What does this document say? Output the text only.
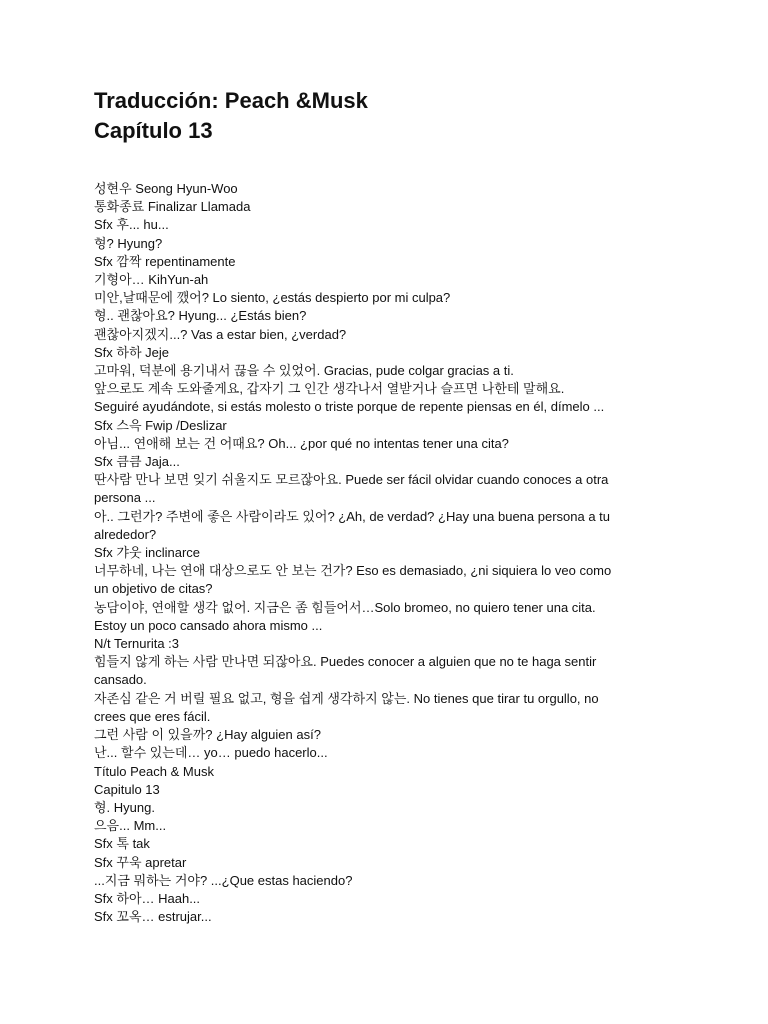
Traducción: Peach &Musk
Capítulo 13
성현우 Seong Hyun-Woo
통화종료 Finalizar Llamada
Sfx 후... hu...
형? Hyung?
Sfx 깜짝 repentinamente
기형아… KihYun-ah
미안,날때문에 깼어? Lo siento, ¿estás despierto por mi culpa?
형.. 괜찮아요? Hyung... ¿Estás bien?
괜찮아지겠지...? Vas a estar bien, ¿verdad?
Sfx 하하 Jeje
고마워, 덕분에 용기내서 끊을 수 있었어. Gracias, pude colgar gracias a ti.
앞으로도 계속 도와줄게요, 갑자기 그 인간 생각나서 열받거나 슬프면 나한테 말해요.
Seguiré ayudándote, si estás molesto o triste porque de repente piensas en él, dímelo ...
Sfx 스윽 Fwip /Deslizar
아님... 연애해 보는 건 어때요? Oh... ¿por qué no intentas tener una cita?
Sfx 큼큼 Jaja...
딴사람 만나 보면 잊기 쉬울지도 모르잖아요. Puede ser fácil olvidar cuando conoces a otra
persona ...
아.. 그런가? 주변에 좋은 사람이라도 있어? ¿Ah, de verdad? ¿Hay una buena persona a tu
alrededor?
Sfx 갸웃 inclinarce
너무하네, 나는 연애 대상으로도 안 보는 건가? Eso es demasiado, ¿ni siquiera lo veo como
un objetivo de citas?
농담이야, 연애할 생각 없어. 지금은 좀 힘들어서…Solo bromeo, no quiero tener una cita.
Estoy un poco cansado ahora mismo ...
N/t Ternurita :3
힘들지 않게 하는 사람 만나면 되잖아요. Puedes conocer a alguien que no te haga sentir
cansado.
자존심 같은 거 버릴 필요 없고, 형을 쉽게 생각하지 않는. No tienes que tirar tu orgullo, no
crees que eres fácil.
그런 사람 이 있을까? ¿Hay alguien así?
난... 할수 있는데… yo… puedo hacerlo...
Título Peach & Musk
Capitulo 13
형. Hyung.
으음... Mm...
Sfx 톡 tak
Sfx 꾸욱 apretar
...지금 뭐하는 거야? ...¿Que estas haciendo?
Sfx 하아… Haah...
Sfx 꼬옥… estrujar...
